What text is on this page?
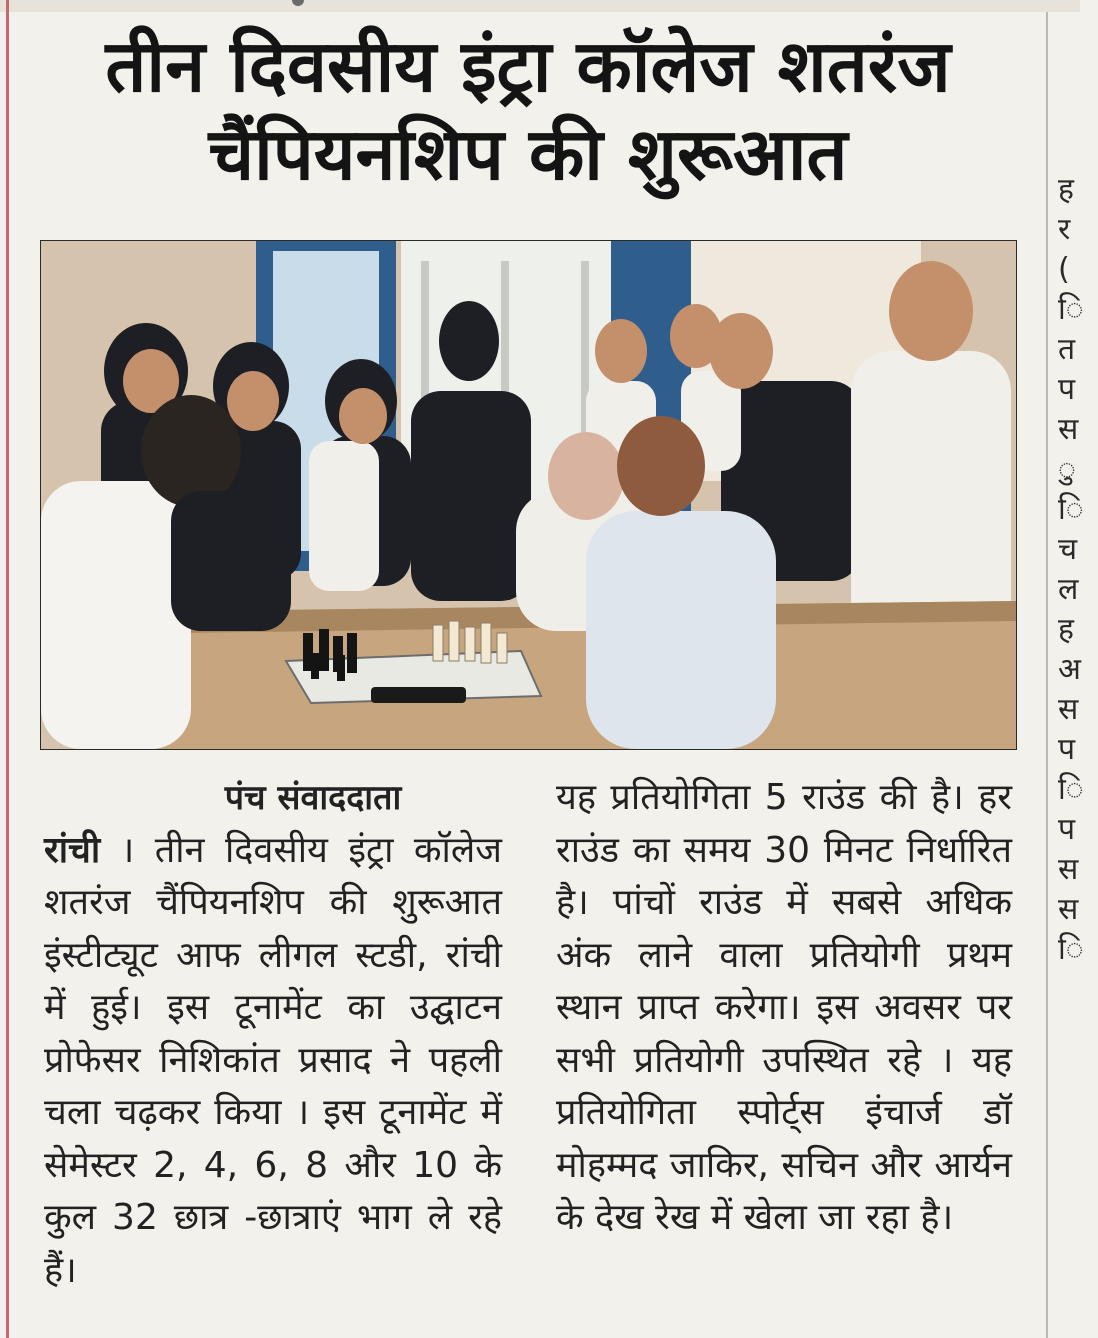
ह
र
(
ि
त
प
स
ु
ि
च
ल
ह
अ
स
प
ि
प
स
स
ि
तीन दिवसीय इंट्रा कॉलेज शतरंज
चैंपियनशिप की शुरूआत

पंच संवाददाता

रांची । तीन दिवसीय इंट्रा कॉलेज शतरंज चैंपियनशिप की शुरूआत इंस्टीट्यूट आफ लीगल स्टडी, रांची में हुई। इस टूनामेंट का उद्घाटन प्रोफेसर निशिकांत प्रसाद ने पहली चला चढ़कर किया । इस टूनामेंट में सेमेस्टर 2, 4, 6, 8 और 10 के कुल 32 छात्र -छात्राएं भाग ले रहे हैं।

यह प्रतियोगिता 5 राउंड की है। हर राउंड का समय 30 मिनट निर्धारित है। पांचों राउंड में सबसे अधिक अंक लाने वाला प्रतियोगी प्रथम स्थान प्राप्त करेगा। इस अवसर पर सभी प्रतियोगी उपस्थित रहे । यह प्रतियोगिता स्पोर्ट्स इंचार्ज डॉ मोहम्मद जाकिर, सचिन और आर्यन के देख रेख में खेला जा रहा है।
